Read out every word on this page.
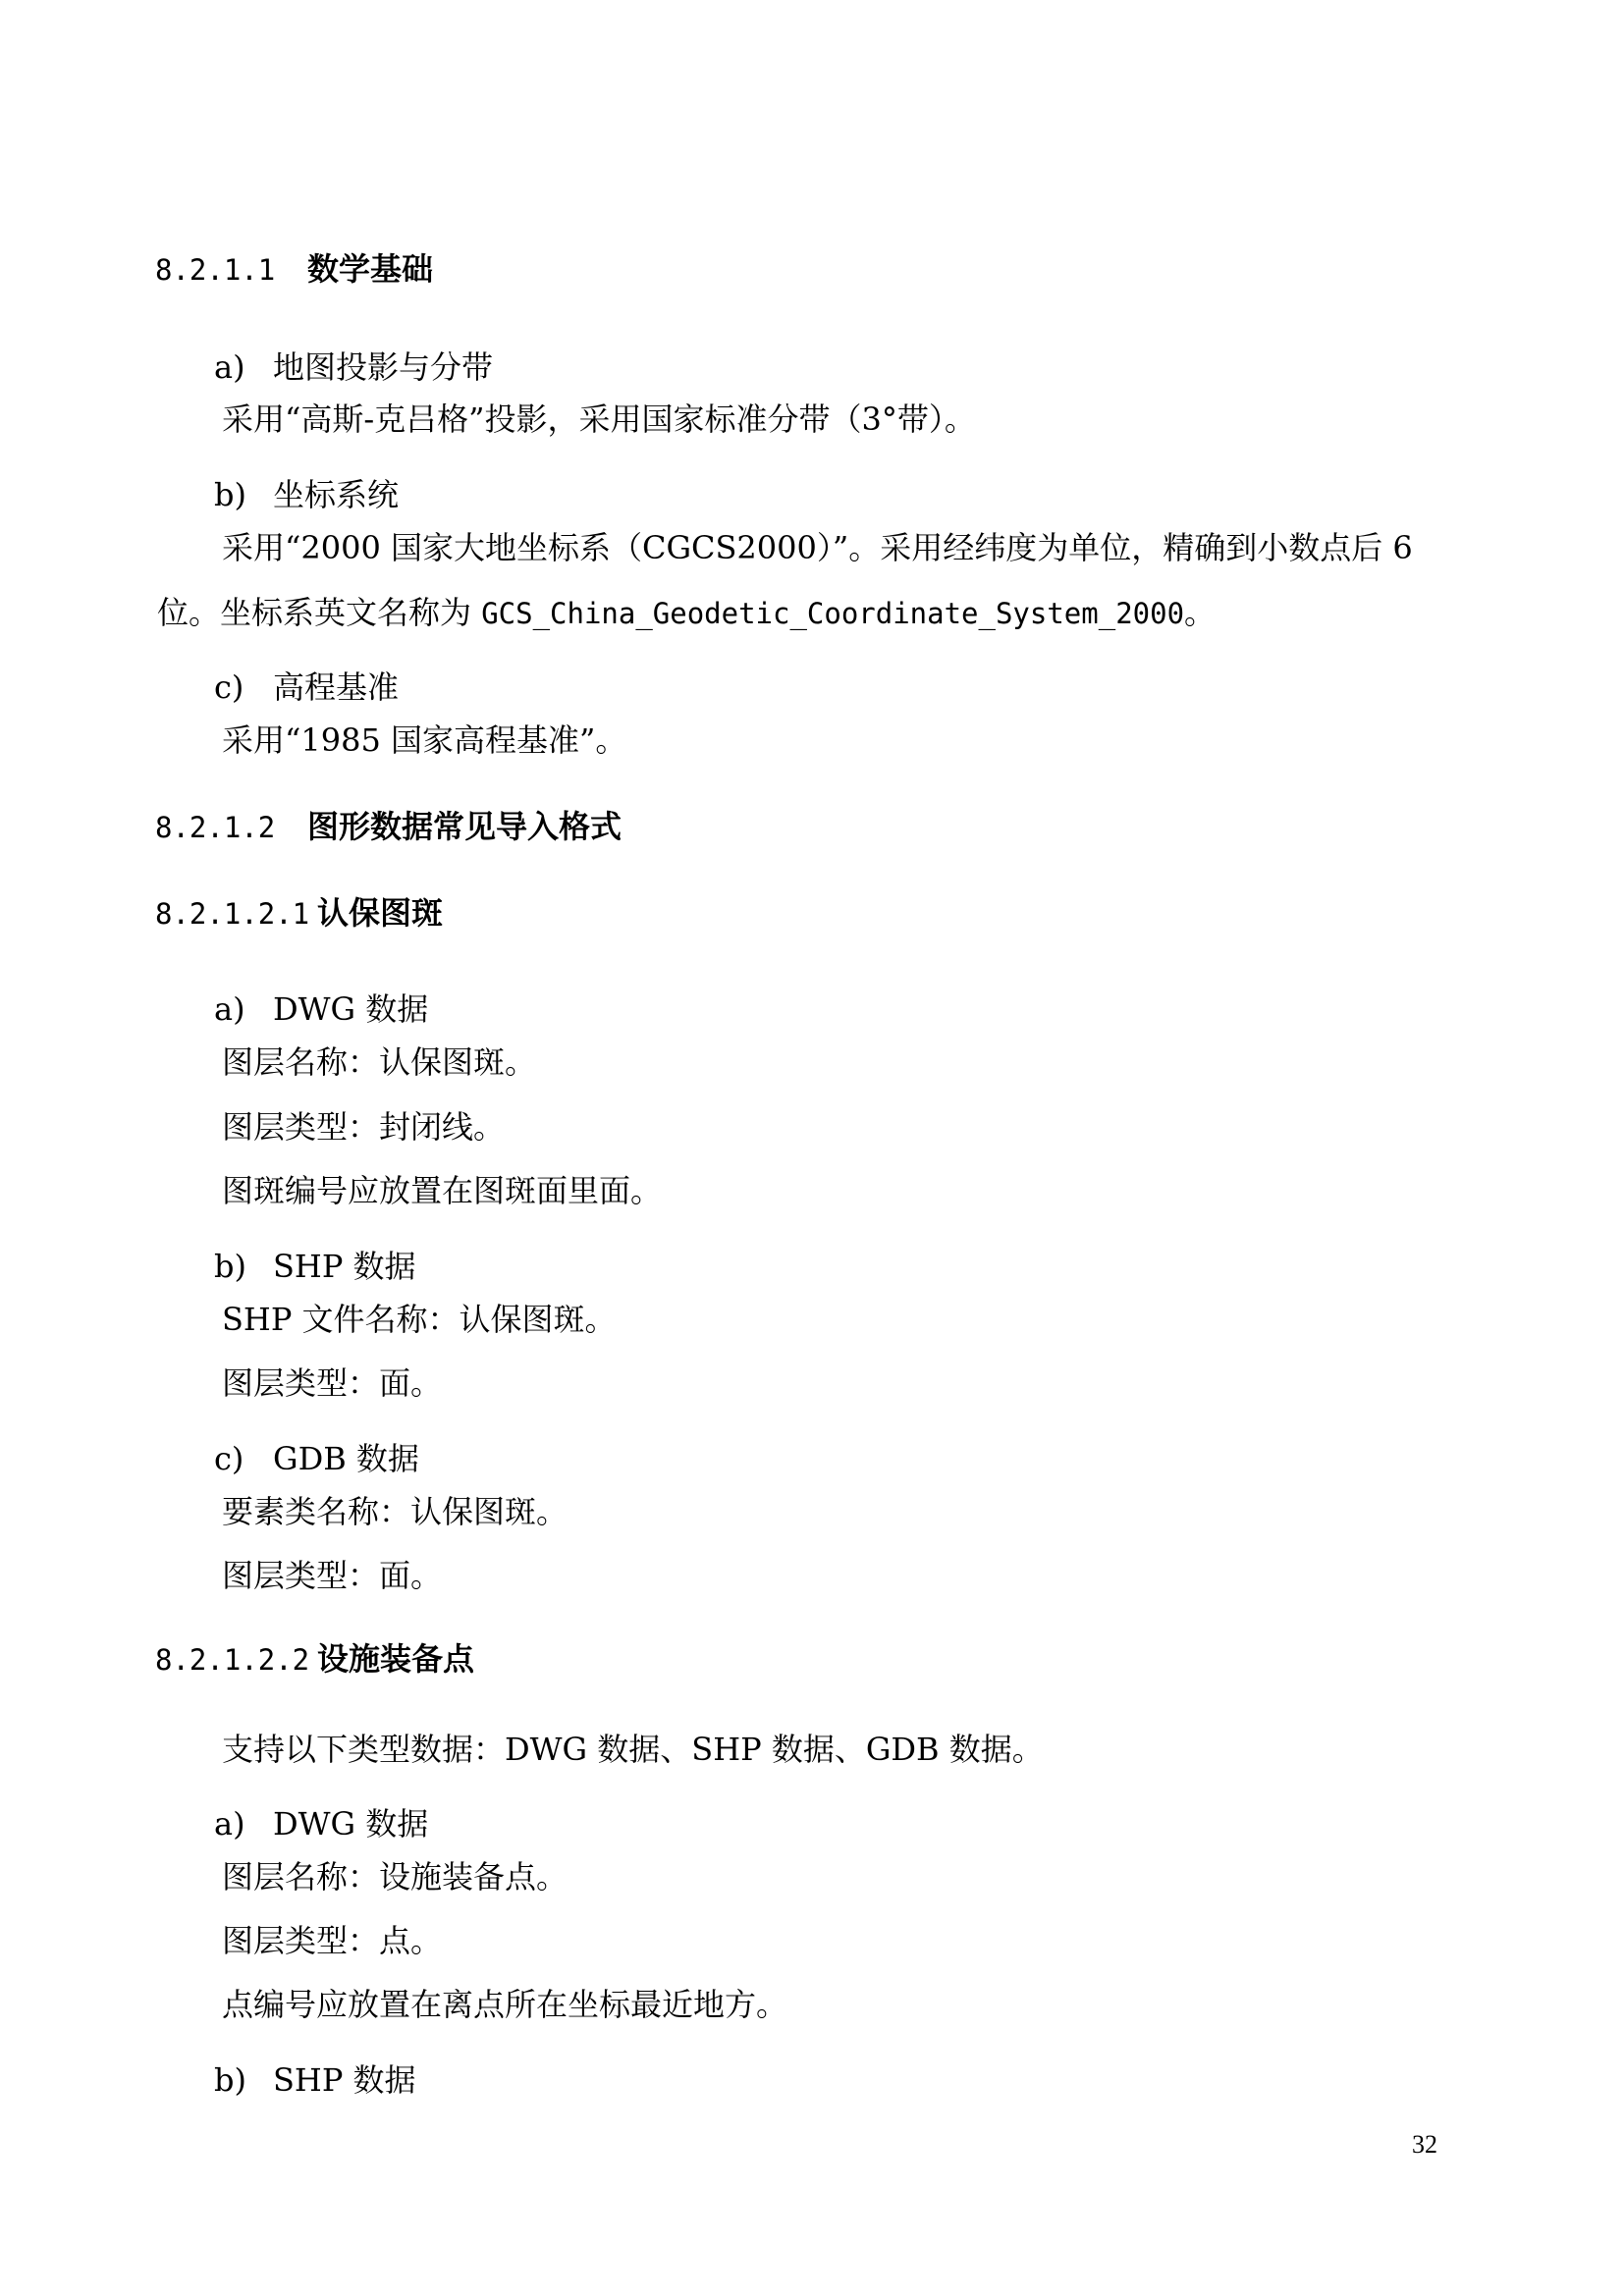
8.2.1.1 数学基础
a) 地图投影与分带
采用“高斯-克吕格”投影，采用国家标准分带（3°带）。
b) 坐标系统
采用“2000 国家大地坐标系（CGCS2000）”。采用经纬度为单位，精确到小数点后 6
位。坐标系英文名称为 GCS_China_Geodetic_Coordinate_System_2000。
c) 高程基准
采用“1985 国家高程基准”。
8.2.1.2 图形数据常见导入格式
8.2.1.2.1 认保图斑
a) DWG 数据
图层名称：认保图斑。
图层类型：封闭线。
图斑编号应放置在图斑面里面。
b) SHP 数据
SHP 文件名称：认保图斑。
图层类型：面。
c) GDB 数据
要素类名称：认保图斑。
图层类型：面。
8.2.1.2.2 设施装备点
支持以下类型数据：DWG 数据、SHP 数据、GDB 数据。
a) DWG 数据
图层名称：设施装备点。
图层类型：点。
点编号应放置在离点所在坐标最近地方。
b) SHP 数据
32
